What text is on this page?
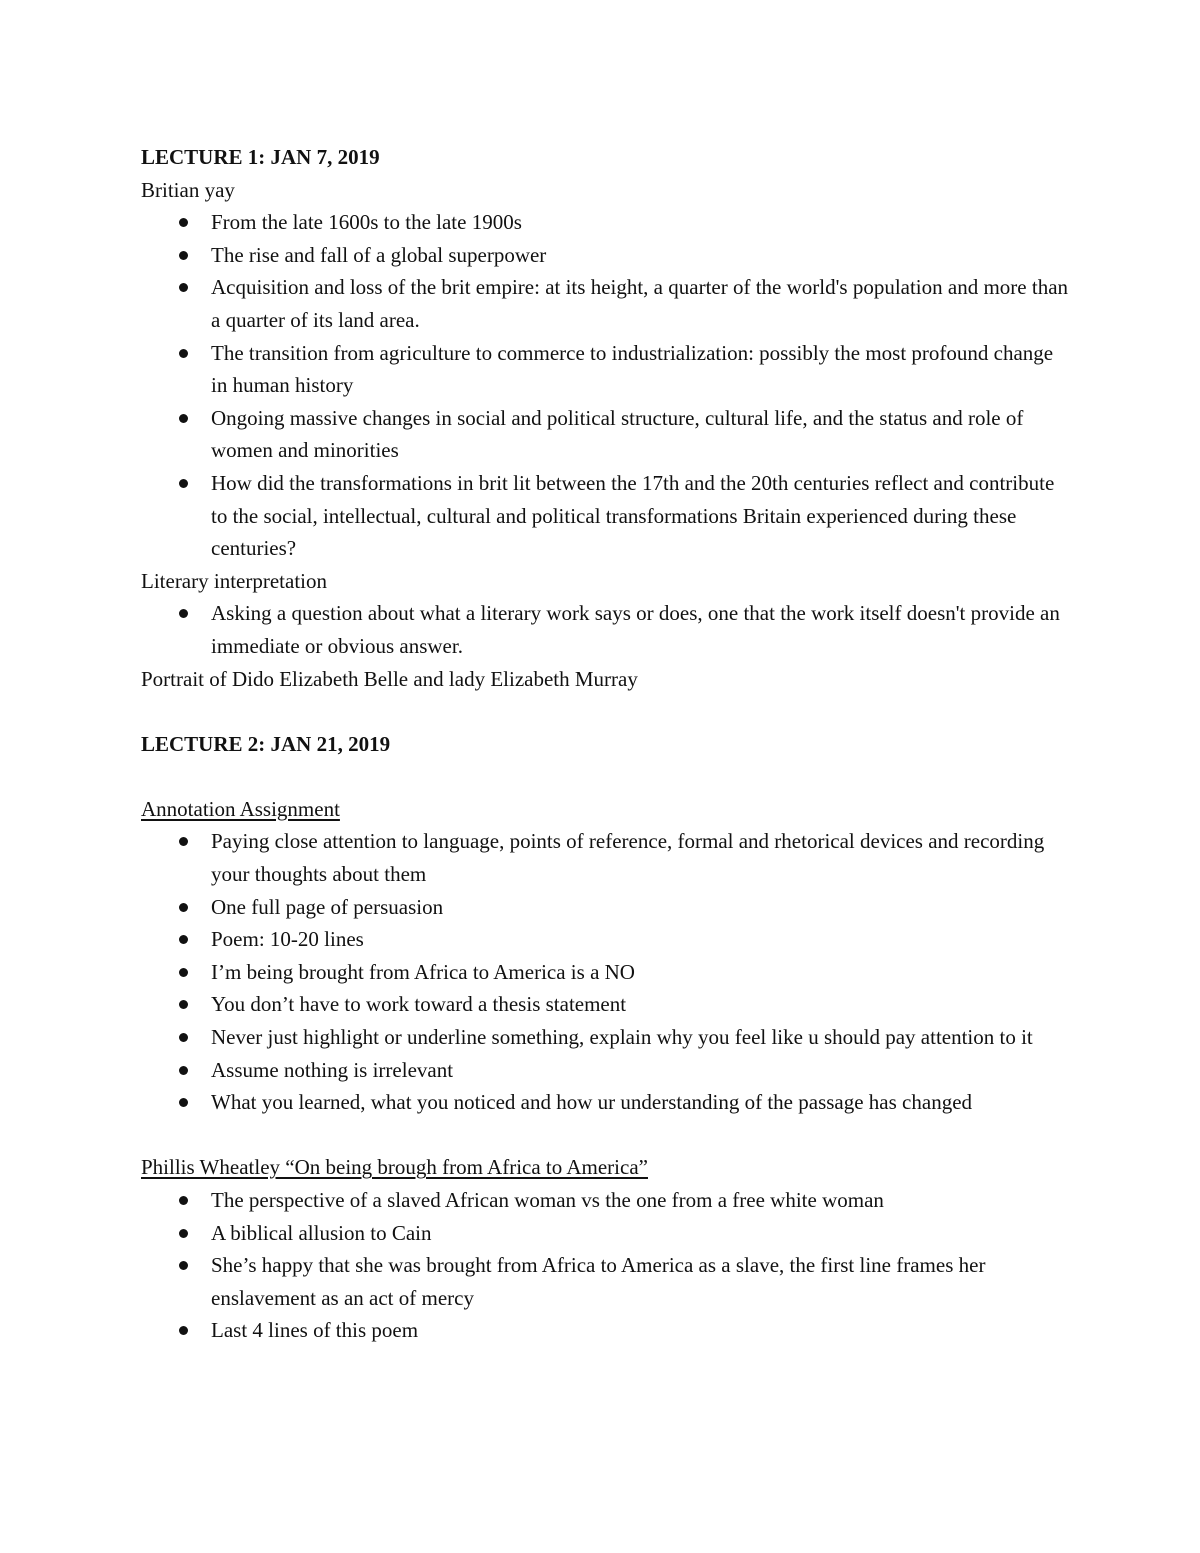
LECTURE 1: JAN 7, 2019

Britian yay

From the late 1600s to the late 1900s
The rise and fall of a global superpower
Acquisition and loss of the brit empire: at its height, a quarter of the world's population and more than a quarter of its land area.
The transition from agriculture to commerce to industrialization: possibly the most profound change in human history
Ongoing massive changes in social and political structure, cultural life, and the status and role of women and minorities
How did the transformations in brit lit between the 17th and the 20th centuries reflect and contribute to the social, intellectual, cultural and political transformations Britain experienced during these centuries?

Literary interpretation

Asking a question about what a literary work says or does, one that the work itself doesn't provide an immediate or obvious answer.

Portrait of Dido Elizabeth Belle and lady Elizabeth Murray

LECTURE 2: JAN 21, 2019

Annotation Assignment

Paying close attention to language, points of reference, formal and rhetorical devices and recording your thoughts about them
One full page of persuasion
Poem: 10-20 lines
I’m being brought from Africa to America is a NO
You don’t have to work toward a thesis statement
Never just highlight or underline something, explain why you feel like u should pay attention to it
Assume nothing is irrelevant
What you learned, what you noticed and how ur understanding of the passage has changed

Phillis Wheatley “On being brough from Africa to America”

The perspective of a slaved African woman vs the one from a free white woman
A biblical allusion to Cain
She’s happy that she was brought from Africa to America as a slave, the first line frames her enslavement as an act of mercy
Last 4 lines of this poem
